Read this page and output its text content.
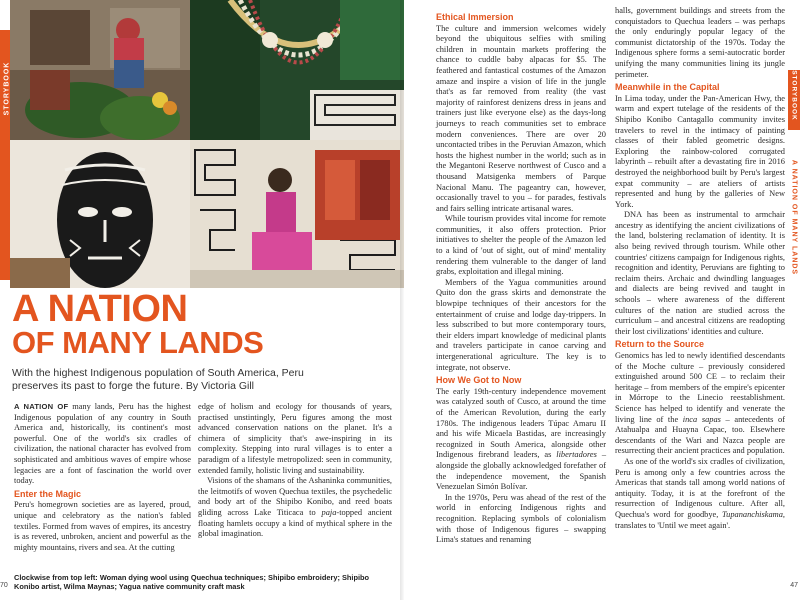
STORYBOOK
A NATION
OF MANY LANDS

With the highest Indigenous population of South America, Peru preserves its past to forge the future. By Victoria Gill

A NATION OF many lands, Peru has the highest Indigenous population of any country in South America and, historically, its continent's most powerful. One of the world's six cradles of civilization, the national character has evolved from sophisticated and ambitious waves of empire whose legacies are a font of fascination the world over today.

Enter the Magic

Peru's homegrown societies are as layered, proud, unique and celebratory as the nation's fabled textiles. Formed from waves of empires, its ancestry is as revered, unbroken, ancient and powerful as the mighty mountains, rivers and sea. At the cutting

edge of holism and ecology for thousands of years, practised unstintingly, Peru figures among the most advanced conservation nations on the planet. It's a chimera of simplicity that's awe-inspiring in its complexity. Stepping into rural villages is to enter a paradigm of a lifestyle metropolized: seen in community, extended family, holistic living and sustainability.

Visions of the shamans of the Ashaninka communities, the leitmotifs of woven Quechua textiles, the psychedelic and body art of the Shipibo Konibo, and reed boats gliding across Lake Titicaca to paja-topped ancient floating hamlets occupy a kind of mythical sphere in the global imagination.

Clockwise from top left: Woman dying wool using Quechua techniques; Shipibo embroidery; Shipibo Konibo artist, Wilma Maynas; Yagua native community craft mask
70
Ethical Immersion

The culture and immersion welcomes widely beyond the ubiquitous selfies with smiling children in mountain markets proffering the chance to cuddle baby alpacas for $5. The feathered and fantastical costumes of the Amazon amaze and inspire a vision of life in the jungle that's as far removed from reality (the vast majority of rainforest denizens dress in jeans and trainers just like everyone else) as the days-long journeys to reach communities set to embrace modern conveniences. There are over 20 uncontacted tribes in the Peruvian Amazon, which hosts the highest number in the world; such as in the Megantoni Reserve northwest of Cusco and a thousand Matsigenka members of Parque Nacional Manu. The pageantry can, however, occasionally travel to you – for parades, festivals and fairs selling intricate artisanal wares.

While tourism provides vital income for remote communities, it also offers protection. Prior initiatives to shelter the people of the Amazon led to a kind of 'out of sight, out of mind' mentality rendering them vulnerable to the danger of land grabs, exploitation and illegal mining.

Members of the Yagua communities around Quito don the grass skirts and demonstrate the blowpipe techniques of their ancestors for the entertainment of cruise and lodge day-trippers. In less subscribed to but more contemporary tours, their elders impart knowledge of medicinal plants and travelers participate in canoe carving and intergenerational agriculture. The key is to integrate, not observe.

How We Got to Now

The early 19th-century independence movement was catalyzed south of Cusco, at around the time of the American Revolution, during the early 1780s. The indigenous leaders Túpac Amaru II and his wife Micaela Bastidas, are increasingly recognized in South America, alongside other Indigenous firebrand leaders, as libertadores – alongside the globally acknowledged forefather of the independence movement, the Spanish Venezuelan Simón Bolívar.

In the 1970s, Peru was ahead of the rest of the world in enforcing Indigenous rights and recognition. Replacing symbols of colonialism with those of Indigenous figures – swapping Lima's statues and renaming

halls, government buildings and streets from the conquistadors to Quechua leaders – was perhaps the only enduringly popular legacy of the communist dictatorship of the 1970s. Today the Indigenous sphere forms a semi-autocratic border unifying the many communities lining its jungle perimeter.

Meanwhile in the Capital

In Lima today, under the Pan-American Hwy, the warm and expert tutelage of the residents of the Shipibo Konibo Cantagallo community invites travelers to revel in the intimacy of painting classes of their fabled geometric designs. Exploring the rainbow-colored corrugated labyrinth – rebuilt after a devastating fire in 2016 destroyed the neighborhood built by Peru's largest expat community – are ateliers of artists represented and hung by the galleries of New York.

DNA has been as instrumental to armchair ancestry as identifying the ancient civilizations of the land, bolstering reclamation of identity. It is also being revived through tourism. While other countries' citizens campaign for Indigenous rights, recognition and identity, Peruvians are fighting to reclaim theirs. Archaic and dwindling languages and dialects are being revived and taught in schools – where awareness of the different cultures of the nation are studied across the curriculum – and ancestral citizens are readopting their lost civilizations' identities and culture.

Return to the Source

Genomics has led to newly identified descendants of the Moche culture – previously considered extinguished around 500 CE – to reclaim their heritage – from members of the empire's epicenter in Mórrope to the Linecio reestablishment. Science has helped to identify and venerate the living line of the inca sapas – antecedents of Atahualpa and Huayna Capac, too. Elsewhere descendants of the Wari and Nazca people are resurrecting their ancient practices and population.

As one of the world's six cradles of civilization, Peru is among only a few countries across the Americas that stands tall among world nations of antiquity. Today, it is at the forefront of the resurrection of Indigenous culture. After all, Quechua's word for goodbye, Tupananchiskama, translates to 'Until we meet again'.

STORYBOOK
A NATION OF MANY LANDS
47
